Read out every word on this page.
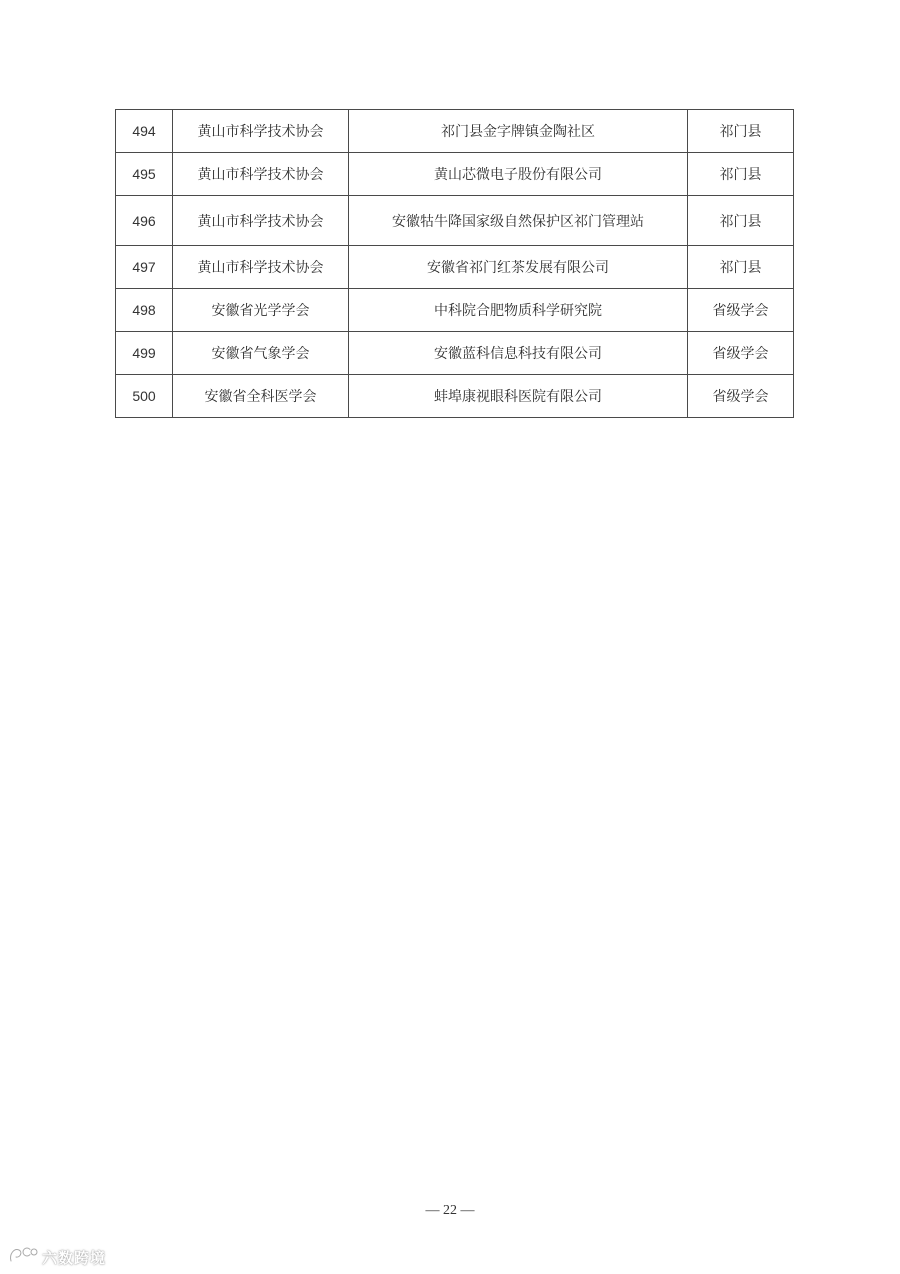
494	黄山市科学技术协会	祁门县金字牌镇金陶社区	祁门县
495	黄山市科学技术协会	黄山芯微电子股份有限公司	祁门县
496	黄山市科学技术协会	安徽牯牛降国家级自然保护区祁门管理站	祁门县
497	黄山市科学技术协会	安徽省祁门红茶发展有限公司	祁门县
498	安徽省光学学会	中科院合肥物质科学研究院	省级学会
499	安徽省气象学会	安徽蓝科信息科技有限公司	省级学会
500	安徽省全科医学会	蚌埠康视眼科医院有限公司	省级学会
— 22 —
六数跨境
